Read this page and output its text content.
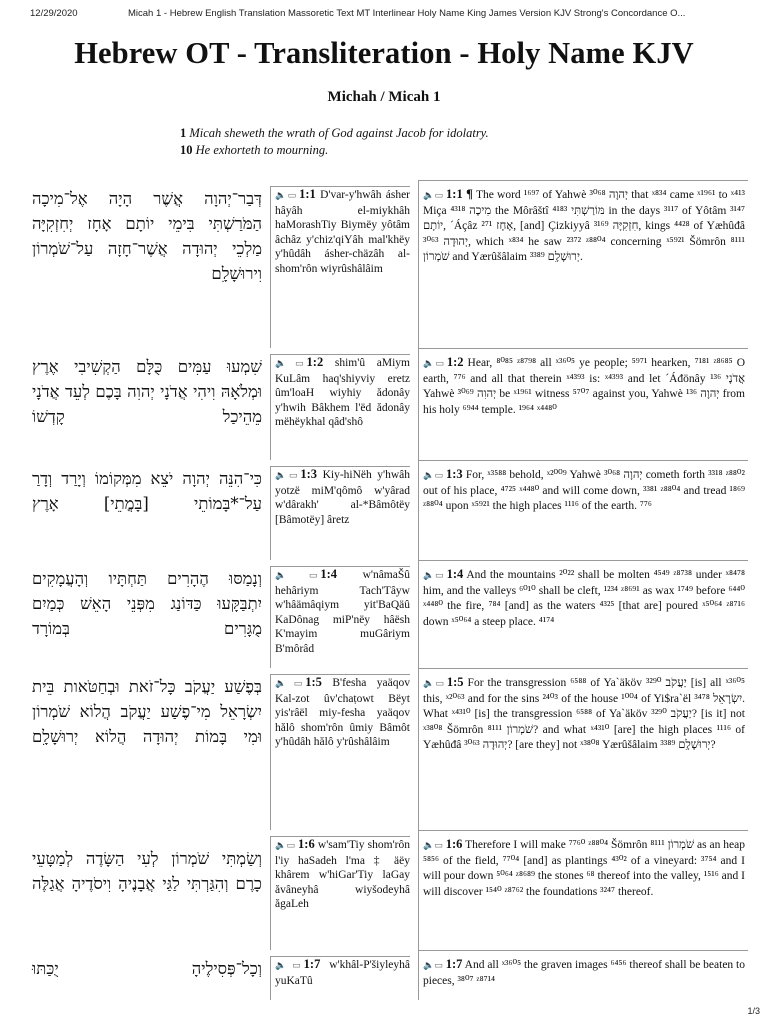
12/29/2020	Micah 1 - Hebrew English Translation Massoretic Text MT Interlinear Holy Name King James Version KJV Strong's Concordance O...
Hebrew OT - Transliteration - Holy Name KJV
Michah / Micah 1
1 Micah sheweth the wrath of God against Jacob for idolatry.
10 He exhorteth to mourning.
דְּבַר־יְהוָה אֲשֶׁר הָיָה אֶל־מִיכָה הַמֹּרַשְׁתִּי בִּימֵי יוֹתָם אָחָז יְחִזְקִיָּה מַלְכֵי יְהוּדָה אֲשֶׁר־חָזָה עַל־שֹׁמְרוֹן וִירוּשָׁלִָם
🔈▭ 1:1 D'var-y'hwâh ásher hâyâh el-miykhâh haMorashTiy Biymëy yôtâm âchâz y'chiz'qiYâh mal'khëy y'hûdâh ásher-chäzâh al-shom'rôn wiyrûshâlâim
🔈▭ 1:1 ¶ The word ¹⁶⁹⁷ of Yahwè ³⁰⁶⁸ יְהוָה that ˣ⁸³⁴ came ˣ¹⁹⁶¹ to ˣ⁴¹³ Miça ⁴³¹⁸ מִיכָה the Môrâštî ⁴¹⁸³ מּוֹרַשְׁתִּי in the days ³¹¹⁷ of Yôtâm ³¹⁴⁷ יוֹתָם, ´Áçâz ²⁷¹ אָחָז, [and] Çizkiyyâ ³¹⁶⁹ חִזְקִיָּה, kings ⁴⁴²⁸ of Yæhûđâ ³⁰⁶³ יְהוּדָה, which ˣ⁸³⁴ he saw ²³⁷² ᶻ⁸⁸⁰⁴ concerning ˣ⁵⁹²¹ Šömrôn ⁸¹¹¹ שֹׁמְרוֹן and Yærûšâlaim ³³⁸⁹ יְרוּשָׁלִָם.
שִׁמְעוּ עַמִּים כֻּלָּם הַקְשִׁיבִי אֶרֶץ וּמְלֹאָהּ וִיהִי אֲדֹנָי יְהוִה בָּכֶם לְעֵד אֲדֹנָי מֵהֵיכַל קָדְשׁוֹ
🔈▭ 1:2 shim'û aMiym KuLâm haq'shiyviy eretz ûm'loaH wiyhiy ădonây y'hwih Bâkhem l'ëd ădonây mëhëykhal qâd'shô
🔈▭ 1:2 Hear, ⁸⁰⁸⁵ ᶻ⁸⁷⁹⁸ all ˣ³⁶⁰⁵ ye people; ⁵⁹⁷¹ hearken, ⁷¹⁸¹ ᶻ⁸⁶⁸⁵ O earth, ⁷⁷⁶ and all that therein ˣ⁴³⁹³ is: ˣ⁴³⁹³ and let ´Áđönây ¹³⁶ אֲדֹנָי Yahwè ³⁰⁶⁹ יְהוִה be ˣ¹⁹⁶¹ witness ⁵⁷⁰⁷ against you, Yahwè ¹³⁶ יְהוָה from his holy ⁶⁹⁴⁴ temple. ¹⁹⁶⁴ ˣ⁴⁴⁸⁰
כִּי־הִנֵּה יְהוָה יֹצֵא מִמְּקוֹמוֹ וְיָרַד וְדָרַ עַל־*בָּמוֹתֵי [בָּמֳתֵי] אָרֶץ
🔈▭ 1:3 Kiy-hiNëh y'hwâh yotzë miM'qômô w'yârad w'dârakh' al-*Bâmôtëy [Bâmotëy] âretz
🔈▭ 1:3 For, ˣ³⁵⁸⁸ behold, ˣ²⁰⁰⁹ Yahwè יְהוָה ³⁰⁶⁸ cometh forth ³³¹⁸ ᶻ⁸⁸⁰² out of his place, ⁴⁷²⁵ ˣ⁴⁴⁸⁰ and will come down, ³³⁸¹ ᶻ⁸⁸⁰⁴ and tread ¹⁸⁶⁹ ᶻ⁸⁸⁰⁴ upon ˣ⁵⁹²¹ the high places ¹¹¹⁶ of the earth. ⁷⁷⁶
וְנָמַסּוּ הֶהָרִים תַּחְתָּיו וְהָעֲמָקִים יִתְבַּקָּעוּ כַּדּוֹנַג מִפְּנֵי הָאֵשׁ כְּמַיִם מֻגָּרִים בְּמוֹרָד
🔈▭ 1:4 w'nâmaŠû hehâriym Tach'Tâyw w'hâämâqiym yit'BaQäû KaDônag miP'nëy hâësh K'mayim muGâriym B'môrâd
🔈▭ 1:4 And the mountains ²⁰²² shall be molten ⁴⁵⁴⁹ ᶻ⁸⁷³⁸ under ˣ⁸⁴⁷⁸ him, and the valleys ⁶⁰¹⁰ shall be cleft, ¹²³⁴ ᶻ⁸⁶⁹¹ as wax ¹⁷⁴⁹ before ⁶⁴⁴⁰ ˣ⁴⁴⁸⁰ the fire, ⁷⁸⁴ [and] as the waters ⁴³²⁵ [that are] poured ˣ⁵⁰⁶⁴ ᶻ⁸⁷¹⁶ down ˣ⁵⁰⁶⁴ a steep place. ⁴¹⁷⁴
בְּפֶשַׁע יַעֲקֹב כָּל־זֹאת וּבְחַטֹּאות בֵּית יִשְׂרָאֵל מִי־פֶשַׁע יַעֲקֹב הֲלוֹא שֹׁמְרוֹן וּמִי בָּמוֹת יְהוּדָה הֲלוֹא יְרוּשָׁלִָם
🔈▭ 1:5 B'fesha yaäqov Kal-zot ûv'chaṭowt Bëyt yis'râël miy-fesha yaäqov hălô shom'rôn ûmiy Bâmôt y'hûdâh hălô y'rûshâlâim
🔈▭ 1:5 For the transgression ⁶⁵⁸⁸ of Ya`äköv ³²⁹⁰ יַעֲקֹב [is] all ˣ³⁶⁰⁵ this, ˣ²⁰⁶³ and for the sins ²⁴⁰³ of the house ¹⁰⁰⁴ of Yi$ra`ël ³⁴⁷⁸ יִשְׂרָאֵל. What ˣ⁴³¹⁰ [is] the transgression ⁶⁵⁸⁸ of Ya`äköv ³²⁹⁰ יַעֲקֹב? [is it] not ˣ³⁸⁰⁸ Šömrôn ⁸¹¹¹ שֹׁמְרוֹן? and what ˣ⁴³¹⁰ [are] the high places ¹¹¹⁶ of Yæhûđâ ³⁰⁶³ יְהוּדָה? [are they] not ˣ³⁸⁰⁸ Yærûšâlaim ³³⁸⁹ יְרוּשָׁלִָם?
וְשַׂמְתִּי שֹׁמְרוֹן לְעִי הַשָּׂדֶה לְמַטָּעֵי כָרֶם וְהִגַּרְתִּי לַגַּי אֲבָנֶיהָ וִיסֹדֶיהָ אֲגַלֶּה
🔈▭ 1:6 w'sam'Tiy shom'rôn l'iy haSadeh l'ma ‡ äëy khârem w'hiGar'Tiy laGay ăvâneyhâ wiyšodeyhâ ăgaLeh
🔈▭ 1:6 Therefore I will make ⁷⁷⁶⁰ ᶻ⁸⁸⁰⁴ Šömrôn ⁸¹¹¹ שֹׁמְרוֹן as an heap ⁵⁸⁵⁶ of the field, ⁷⁷⁰⁴ [and] as plantings ⁴³⁰² of a vineyard: ³⁷⁵⁴ and I will pour down ⁵⁰⁶⁴ ᶻ⁸⁶⁸⁹ the stones ⁶⁸ thereof into the valley, ¹⁵¹⁶ and I will discover ¹⁵⁴⁰ ᶻ⁸⁷⁶² the foundations ³²⁴⁷ thereof.
וְכָל־פְּסִילֶיהָ יֻכַּתּוּ	🔈▭ 1:7 w'khâl-P'šiyleyhâ yuKaTû
🔈▭ 1:7 And all ˣ³⁶⁰⁵ the graven images ⁶⁴⁵⁶ thereof shall be beaten to pieces, ³⁸⁰⁷ ᶻ⁸⁷¹⁴
1/3
